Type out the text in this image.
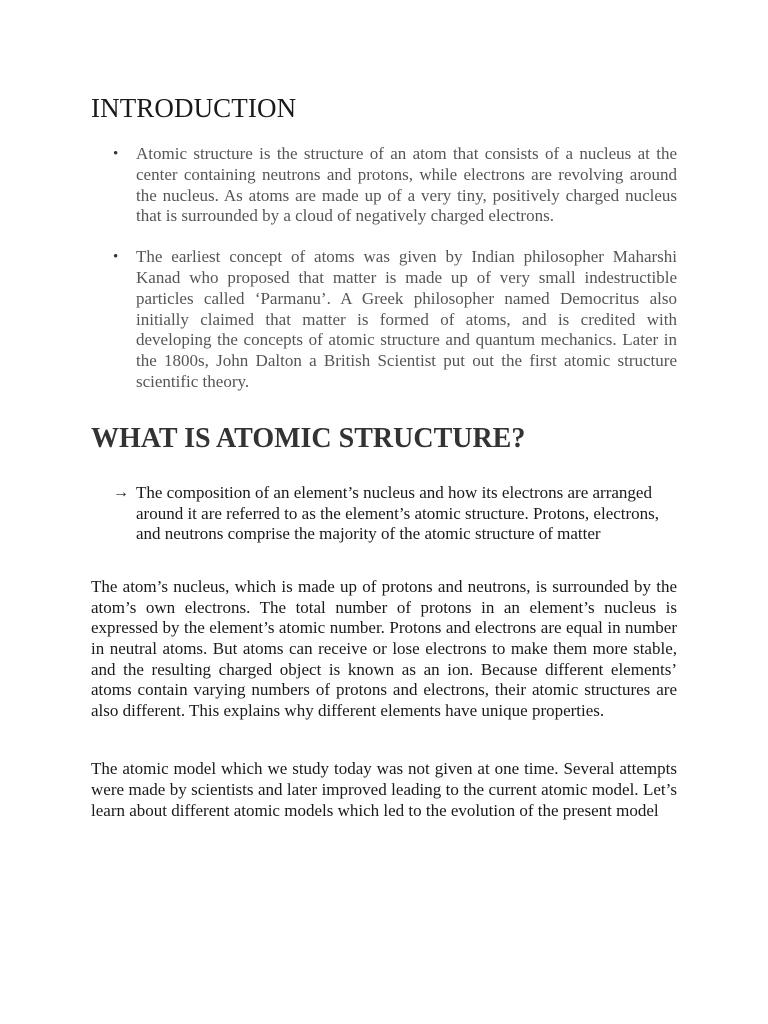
INTRODUCTION
• Atomic structure is the structure of an atom that consists of a nucleus at the center containing neutrons and protons, while electrons are revolving around the nucleus. As atoms are made up of a very tiny, positively charged nucleus that is surrounded by a cloud of negatively charged electrons.
• The earliest concept of atoms was given by Indian philosopher Maharshi Kanad who proposed that matter is made up of very small indestructible particles called ‘Parmanu’. A Greek philosopher named Democritus also initially claimed that matter is formed of atoms, and is credited with developing the concepts of atomic structure and quantum mechanics. Later in the 1800s, John Dalton a British Scientist put out the first atomic structure scientific theory.
WHAT IS ATOMIC STRUCTURE?
→ The composition of an element’s nucleus and how its electrons are arranged around it are referred to as the element’s atomic structure. Protons, electrons, and neutrons comprise the majority of the atomic structure of matter

The atom’s nucleus, which is made up of protons and neutrons, is surrounded by the atom’s own electrons. The total number of protons in an element’s nucleus is expressed by the element’s atomic number. Protons and electrons are equal in number in neutral atoms. But atoms can receive or lose electrons to make them more stable, and the resulting charged object is known as an ion. Because different elements’ atoms contain varying numbers of protons and electrons, their atomic structures are also different. This explains why different elements have unique properties.

The atomic model which we study today was not given at one time. Several attempts were made by scientists and later improved leading to the current atomic model. Let’s learn about different atomic models which led to the evolution of the present model
